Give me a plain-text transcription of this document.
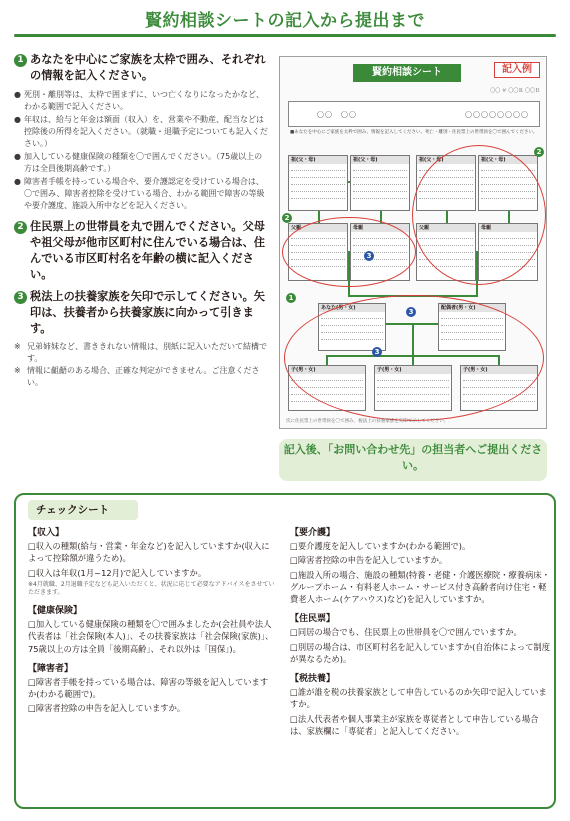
賢約相談シートの記入から提出まで
1 あなたを中心にご家族を太枠で囲み、それぞれの情報を記入ください。
● 死別・離別等は、太枠で囲まずに、いつ亡くなりになったかなど、わかる範囲で記入ください。
● 年収は、給与と年金は額面（収入）を、営業や不動産、配当などは控除後の所得を記入ください。（就職・退職予定についても記入ください。）
● 加入している健康保険の種類を〇で囲んでください。（75歳以上の方は全員後期高齢です。）
● 障害者手帳を持っている場合や、要介護認定を受けている場合は、〇で囲み、障害者控除を受けている場合、わかる範囲で障害の等級や要介護度、施設入所中などを記入ください。
2 住民票上の世帯員を丸で囲んでください。父母や祖父母が他市区町村に住んでいる場合は、住んでいる市区町村名を年齢の横に記入ください。
3 税法上の扶養家族を矢印で示してください。矢印は、扶養者から扶養家族に向かって引きます。
※ 兄弟姉妹など、書ききれない情報は、別紙に記入いただいて結構です。
※ 情報に齟齬のある場合、正確な判定ができません。ご注意ください。
賢約相談シート	記入例
〇〇 ＃ 〇〇Ｒ 〇〇Ｂ
〇〇　〇〇	〇〇〇〇〇〇〇〇
■あなたを中心にご家族を太枠で囲み、情報を記入してください。死亡・離別・住民票上の世帯員を〇で囲んでください。
祖(父・母)	祖(父・母)	祖(父・母)	祖(父・母)
父親	母親	父親	母親
あなた(男・女)	配偶者(男・女)
子(男・女)	子(男・女)	子(男・女)
1
2
2
3
3
3
次に住民票上の世帯員を〇で囲み、税法上の扶養家族を矢印で示してください。
記入後、「お問い合わせ先」の担当者へご提出ください。
チェックシート
【収入】
□収入の種類(給与・営業・年金など)を記入していますか(収入によって控除額が違うため)。
□収入は年収(1月~12月)で記入していますか。
※4月就職、2月退職予定なども記入いただくと、状況に応じて必要なアドバイスをさせていただきます。
【健康保険】
□加入している健康保険の種類を〇で囲みましたか(会社員や法人代表者は「社会保険(本人)」、その扶養家族は「社会保険(家族)」、75歳以上の方は全員「後期高齢」、それ以外は「国保」)。
【障害者】
□障害者手帳を持っている場合は、障害の等級を記入していますか(わかる範囲で)。
□障害者控除の申告を記入していますか。
【要介護】
□要介護度を記入していますか(わかる範囲で)。
□障害者控除の申告を記入していますか。
□施設入所の場合、施設の種類(特養・老健・介護医療院・療養病床・グループホーム・有料老人ホーム・サービス付き高齢者向け住宅・軽費老人ホーム(ケアハウス)など)を記入していますか。
【住民票】
□同居の場合でも、住民票上の世帯員を〇で囲んでいますか。
□別居の場合は、市区町村名を記入していますか(自治体によって制度が異なるため)。
【税扶養】
□誰が誰を税の扶養家族として申告しているのか矢印で記入していますか。
□法人代表者や個人事業主が家族を専従者として申告している場合は、家族欄に「専従者」と記入してください。
